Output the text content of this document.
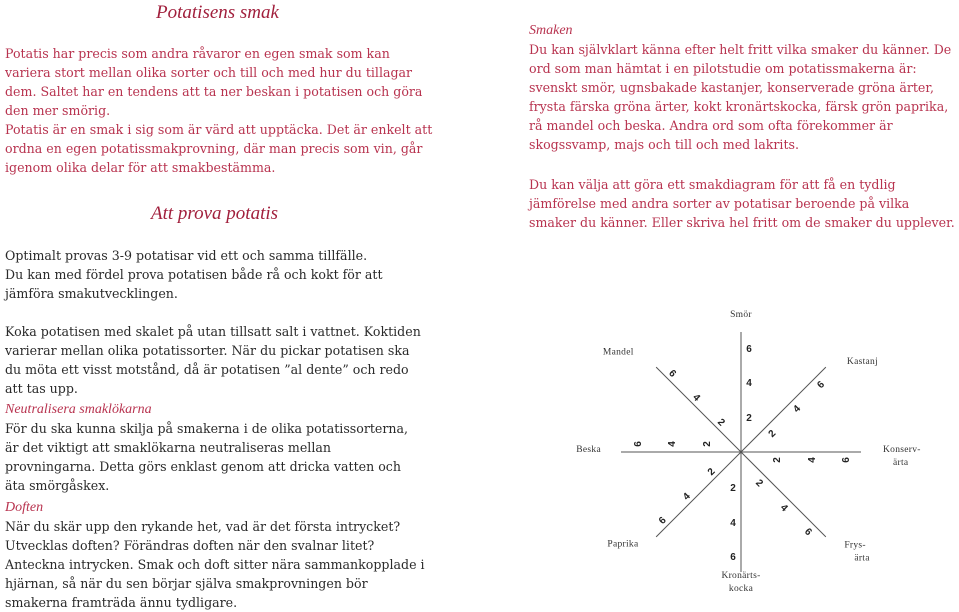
Potatisens smak

Potatis har precis som andra råvaror en egen smak som kan variera stort mellan olika sorter och till och med hur du tillagar dem. Saltet har en tendens att ta ner beskan i potatisen och göra den mer smörig.

Potatis är en smak i sig som är värd att upptäcka. Det är enkelt att ordna en egen potatissmakprovning, där man precis som vin, går igenom olika delar för att smakbestämma.

Att prova potatis

Optimalt provas 3-9 potatisar vid ett och samma tillfälle. Du kan med fördel prova potatisen både rå och kokt för att jämföra smakutvecklingen.

Koka potatisen med skalet på utan tillsatt salt i vattnet. Koktiden varierar mellan olika potatissorter. När du pickar potatisen ska du möta ett visst motstånd, då är potatisen ”al dente” och redo att tas upp.

Neutralisera smaklökarna
För du ska kunna skilja på smakerna i de olika potatissorterna, är det viktigt att smaklökarna neutraliseras mellan provningarna. Detta görs enklast genom att dricka vatten och äta smörgåskex.
Doften
När du skär upp den rykande het, vad är det första intrycket? Utvecklas doften? Förändras doften när den svalnar litet? Anteckna intrycken. Smak och doft sitter nära sammankopplade i hjärnan, så när du sen börjar själva smakprovningen bör smakerna framträda ännu tydligare.
Smaken
Du kan självklart känna efter helt fritt vilka smaker du känner. De ord som man hämtat i en pilotstudie om potatissmakerna är: svenskt smör, ugnsbakade kastanjer, konserverade gröna ärter, frysta färska gröna ärter, kokt kronärtskocka, färsk grön paprika, rå mandel och beska. Andra ord som ofta förekommer är skogssvamp, majs och till och med lakrits.

Du kan välja att göra ett smakdiagram för att få en tydlig jämförelse med andra sorter av potatisar beroende på vilka smaker du känner. Eller skriva hel fritt om de smaker du upplever.

2
4
6
Smör
2
4
6
Kastanj
2 4 6
Konserv-ärta
2
4
6
Frys-ärta
2
4
6
Kronärts-kocka
2
4
6
Paprika
2
4
6
Beska
2
4
6
Mandel
